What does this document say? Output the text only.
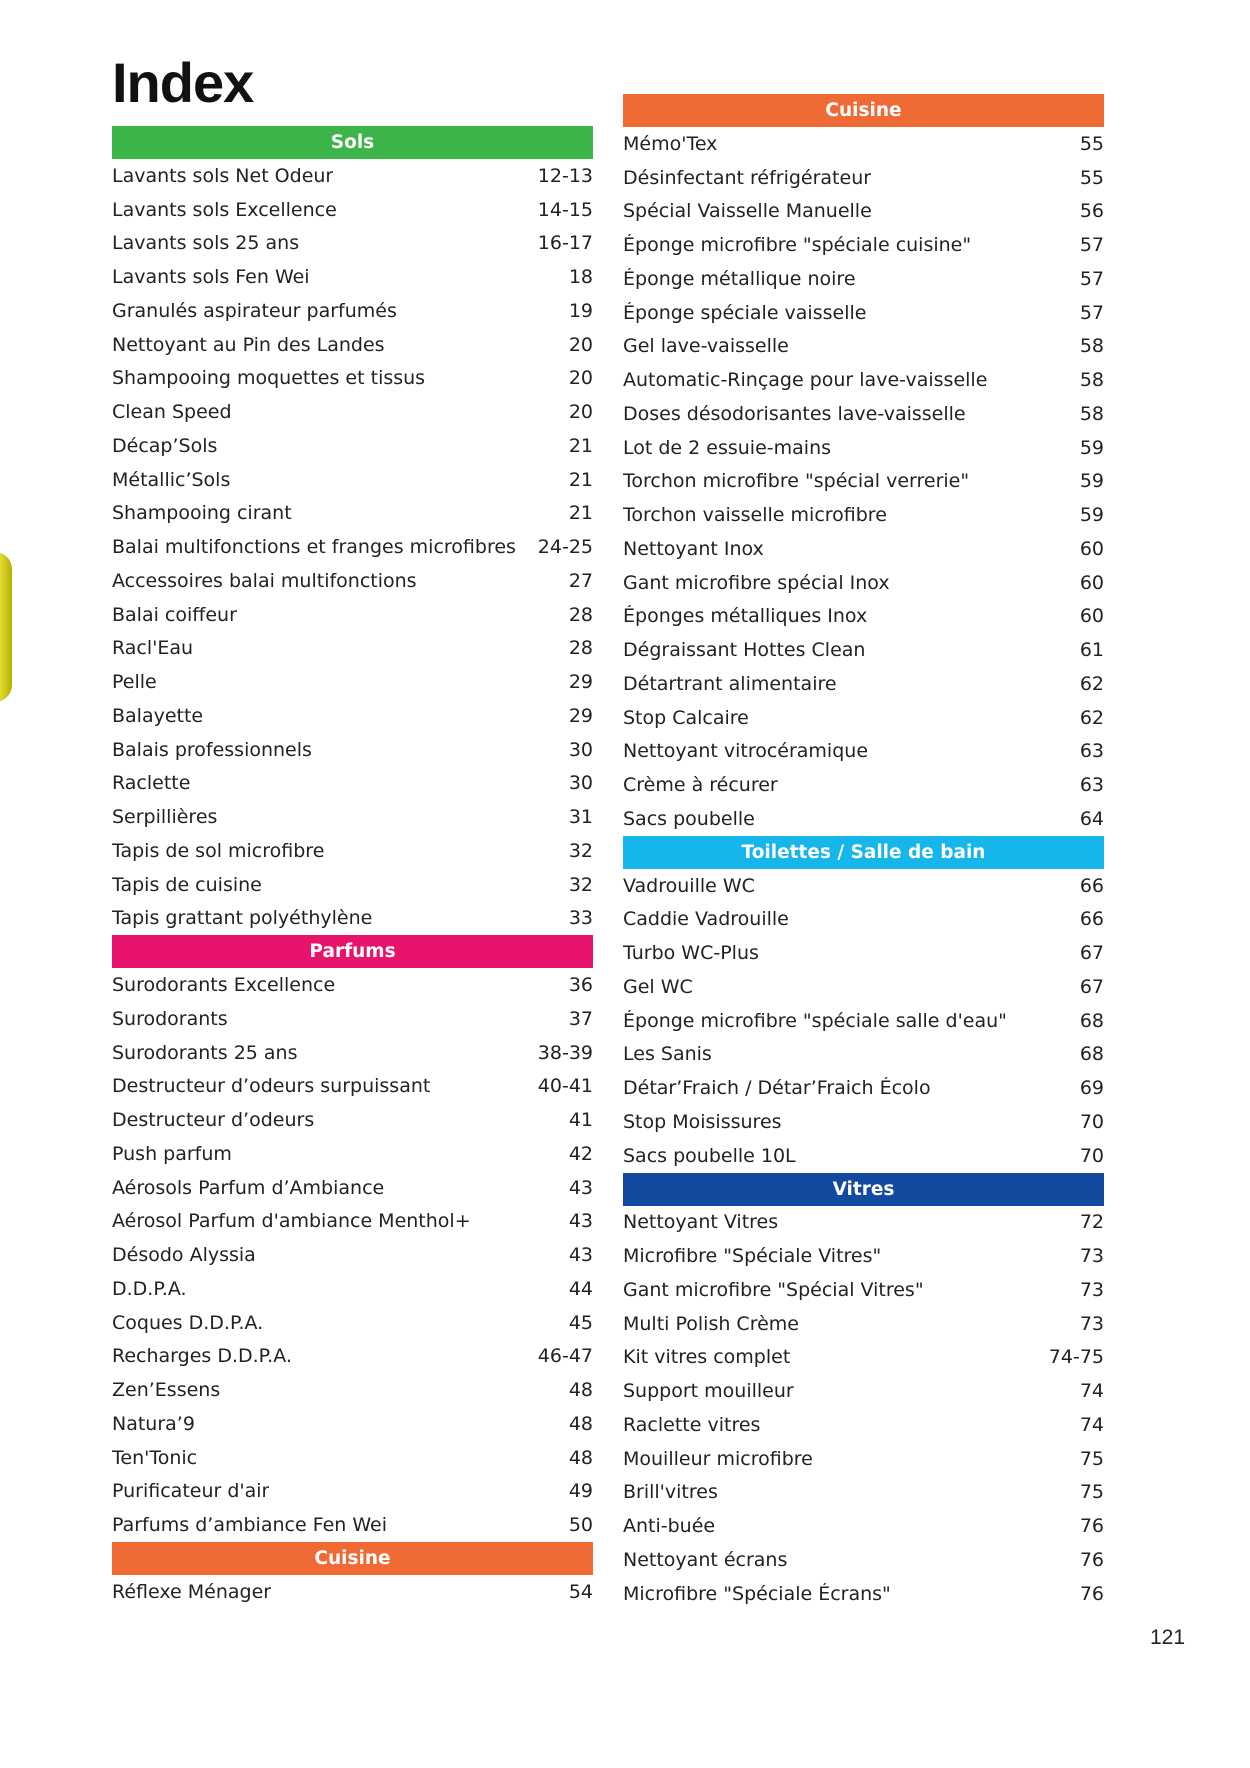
Index
Sols
Lavants sols Net Odeur	12-13
Lavants sols Excellence	14-15
Lavants sols 25 ans	16-17
Lavants sols Fen Wei	18
Granulés aspirateur parfumés	19
Nettoyant au Pin des Landes	20
Shampooing moquettes et tissus	20
Clean Speed	20
Décap’Sols	21
Métallic’Sols	21
Shampooing cirant	21
Balai multifonctions et franges microfibres	24-25
Accessoires balai multifonctions	27
Balai coiffeur	28
Racl'Eau	28
Pelle	29
Balayette	29
Balais professionnels	30
Raclette	30
Serpillières	31
Tapis de sol microfibre	32
Tapis de cuisine	32
Tapis grattant polyéthylène	33
Parfums
Surodorants Excellence	36
Surodorants	37
Surodorants 25 ans	38-39
Destructeur d’odeurs surpuissant	40-41
Destructeur d’odeurs	41
Push parfum	42
Aérosols Parfum d’Ambiance	43
Aérosol Parfum d'ambiance Menthol+	43
Désodo Alyssia	43
D.D.P.A.	44
Coques D.D.P.A.	45
Recharges D.D.P.A.	46-47
Zen’Essens	48
Natura’9	48
Ten'Tonic	48
Purificateur d'air	49
Parfums d’ambiance Fen Wei	50
Cuisine
Réflexe Ménager	54
Cuisine
Mémo'Tex	55
Désinfectant réfrigérateur	55
Spécial Vaisselle Manuelle	56
Éponge microfibre "spéciale cuisine"	57
Éponge métallique noire	57
Éponge spéciale vaisselle	57
Gel lave-vaisselle	58
Automatic-Rinçage pour lave-vaisselle	58
Doses désodorisantes lave-vaisselle	58
Lot de 2 essuie-mains	59
Torchon microfibre "spécial verrerie"	59
Torchon vaisselle microfibre	59
Nettoyant Inox	60
Gant microfibre spécial Inox	60
Éponges métalliques Inox	60
Dégraissant Hottes Clean	61
Détartrant alimentaire	62
Stop Calcaire	62
Nettoyant vitrocéramique	63
Crème à récurer	63
Sacs poubelle	64
Toilettes / Salle de bain
Vadrouille WC	66
Caddie Vadrouille	66
Turbo WC-Plus	67
Gel WC	67
Éponge microfibre "spéciale salle d'eau"	68
Les Sanis	68
Détar’Fraich / Détar’Fraich Écolo	69
Stop Moisissures	70
Sacs poubelle 10L	70
Vitres
Nettoyant Vitres	72
Microfibre "Spéciale Vitres"	73
Gant microfibre "Spécial Vitres"	73
Multi Polish Crème	73
Kit vitres complet	74-75
Support mouilleur	74
Raclette vitres	74
Mouilleur microfibre	75
Brill'vitres	75
Anti-buée	76
Nettoyant écrans	76
Microfibre "Spéciale Écrans"	76
121
